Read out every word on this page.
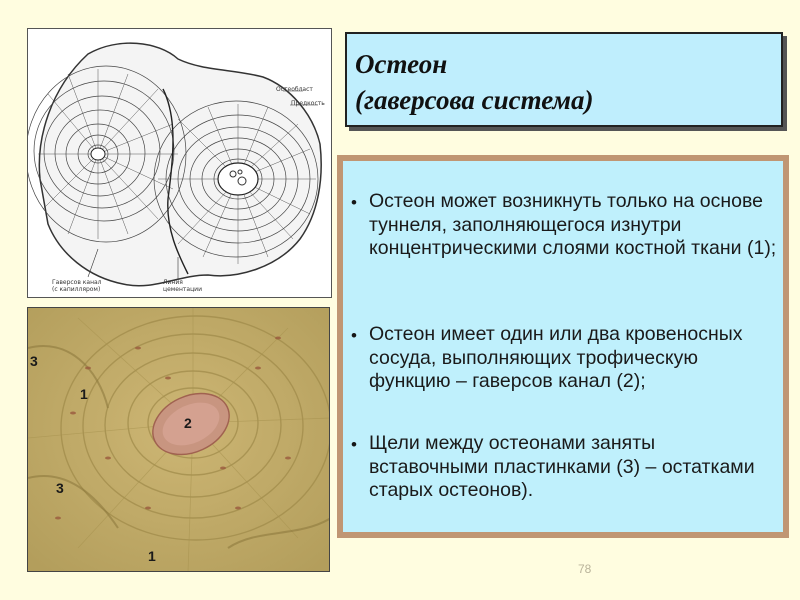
Остеобласт
Предкость
Гаверсов канал
(с капилляром)
Линия
цементации
3
1
2
3
1
Остеон
(гаверсова система)
• Остеон может возникнуть только на основе туннеля, заполняющегося изнутри концентрическими слоями костной ткани (1);
• Остеон имеет один или два кровеносных сосуда, выполняющих трофическую функцию – гаверсов канал (2);
• Щели между остеонами заняты вставочными пластинками (3) – остатками старых остеонов).
78
